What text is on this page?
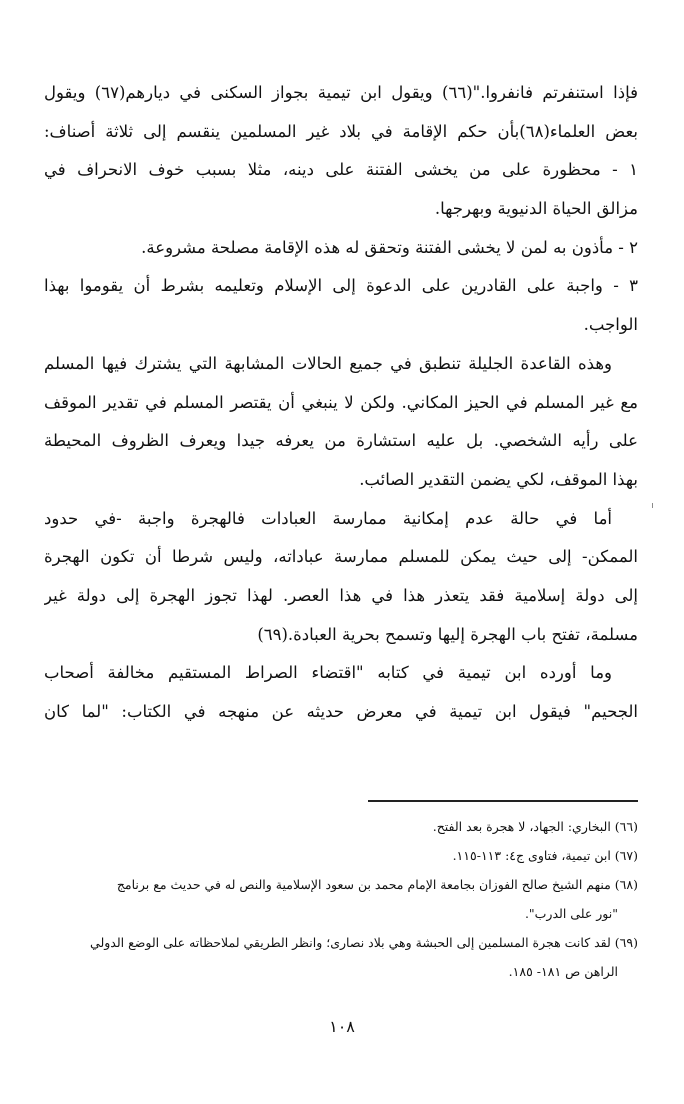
فإذا استنفرتم فانفروا."(٦٦) ويقول ابن تيمية بجواز السكنى في ديارهم(٦٧) ويقول
بعض العلماء(٦٨)بأن حكم الإقامة في بلاد غير المسلمين ينقسم إلى ثلاثة أصناف:
١ - محظورة على من يخشى الفتنة على دينه، مثلا بسبب خوف الانحراف في
مزالق الحياة الدنيوية وبهرجها.
٢ - مأذون به لمن لا يخشى الفتنة وتحقق له هذه الإقامة مصلحة مشروعة.
٣ - واجبة على القادرين على الدعوة إلى الإسلام وتعليمه بشرط أن يقوموا بهذا
الواجب.
وهذه القاعدة الجليلة تنطبق في جميع الحالات المشابهة التي يشترك فيها المسلم
مع غير المسلم في الحيز المكاني. ولكن لا ينبغي أن يقتصر المسلم في تقدير الموقف
على رأيه الشخصي. بل عليه استشارة من يعرفه جيدا ويعرف الظروف المحيطة
بهذا الموقف، لكي يضمن التقدير الصائب.
أما في حالة عدم إمكانية ممارسة العبادات فالهجرة واجبة -في حدود
الممكن- إلى حيث يمكن للمسلم ممارسة عباداته، وليس شرطا أن تكون الهجرة
إلى دولة إسلامية فقد يتعذر هذا في هذا العصر. لهذا تجوز الهجرة إلى دولة غير
مسلمة، تفتح باب الهجرة إليها وتسمح بحرية العبادة.(٦٩)
وما أورده ابن تيمية في كتابه "اقتضاء الصراط المستقيم مخالفة أصحاب
الجحيم" فيقول ابن تيمية في معرض حديثه عن منهجه في الكتاب: "لما كان
(٦٦) البخاري: الجهاد، لا هجرة بعد الفتح.
(٦٧) ابن تيمية، فتاوى ج٤: ١١٣-١١٥.
(٦٨) منهم الشيخ صالح الفوزان بجامعة الإمام محمد بن سعود الإسلامية والنص له في حديث مع برنامج
"نور على الدرب".
(٦٩) لقد كانت هجرة المسلمين إلى الحبشة وهي بلاد نصارى؛ وانظر الطريقي لملاحظاته على الوضع الدولي
الراهن ص ١٨١- ١٨٥.
١٠٨
